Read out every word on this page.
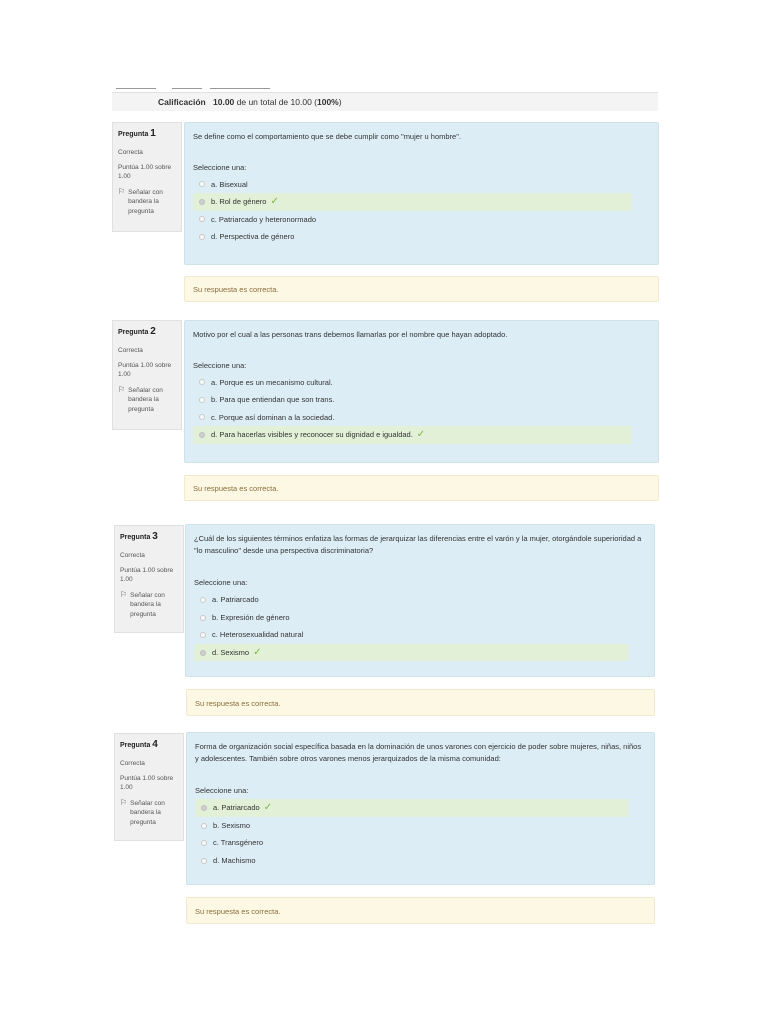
Calificación 10.00 de un total de 10.00 (100%)
Pregunta 1
Correcta
Puntúa 1.00 sobre 1.00
⚐ Señalar con bandera la pregunta
Se define como el comportamiento que se debe cumplir como "mujer u hombre".
Seleccione una:
a. Bisexual
b. Rol de género ✓
c. Patriarcado y heteronormado
d. Perspectiva de género
Su respuesta es correcta.
Pregunta 2
Correcta
Puntúa 1.00 sobre 1.00
⚐ Señalar con bandera la pregunta
Motivo por el cual a las personas trans debemos llamarlas por el nombre que hayan adoptado.
Seleccione una:
a. Porque es un mecanismo cultural.
b. Para que entiendan que son trans.
c. Porque así dominan a la sociedad.
d. Para hacerlas visibles y reconocer su dignidad e igualdad. ✓
Su respuesta es correcta.
Pregunta 3
Correcta
Puntúa 1.00 sobre 1.00
⚐ Señalar con bandera la pregunta
¿Cuál de los siguientes términos enfatiza las formas de jerarquizar las diferencias entre el varón y la mujer, otorgándole superioridad a "lo masculino" desde una perspectiva discriminatoria?
Seleccione una:
a. Patriarcado
b. Expresión de género
c. Heterosexualidad natural
d. Sexismo ✓
Su respuesta es correcta.
Pregunta 4
Correcta
Puntúa 1.00 sobre 1.00
⚐ Señalar con bandera la pregunta
Forma de organización social específica basada en la dominación de unos varones con ejercicio de poder sobre mujeres, niñas, niños y adolescentes. También sobre otros varones menos jerarquizados de la misma comunidad:
Seleccione una:
a. Patriarcado ✓
b. Sexismo
c. Transgénero
d. Machismo
Su respuesta es correcta.
